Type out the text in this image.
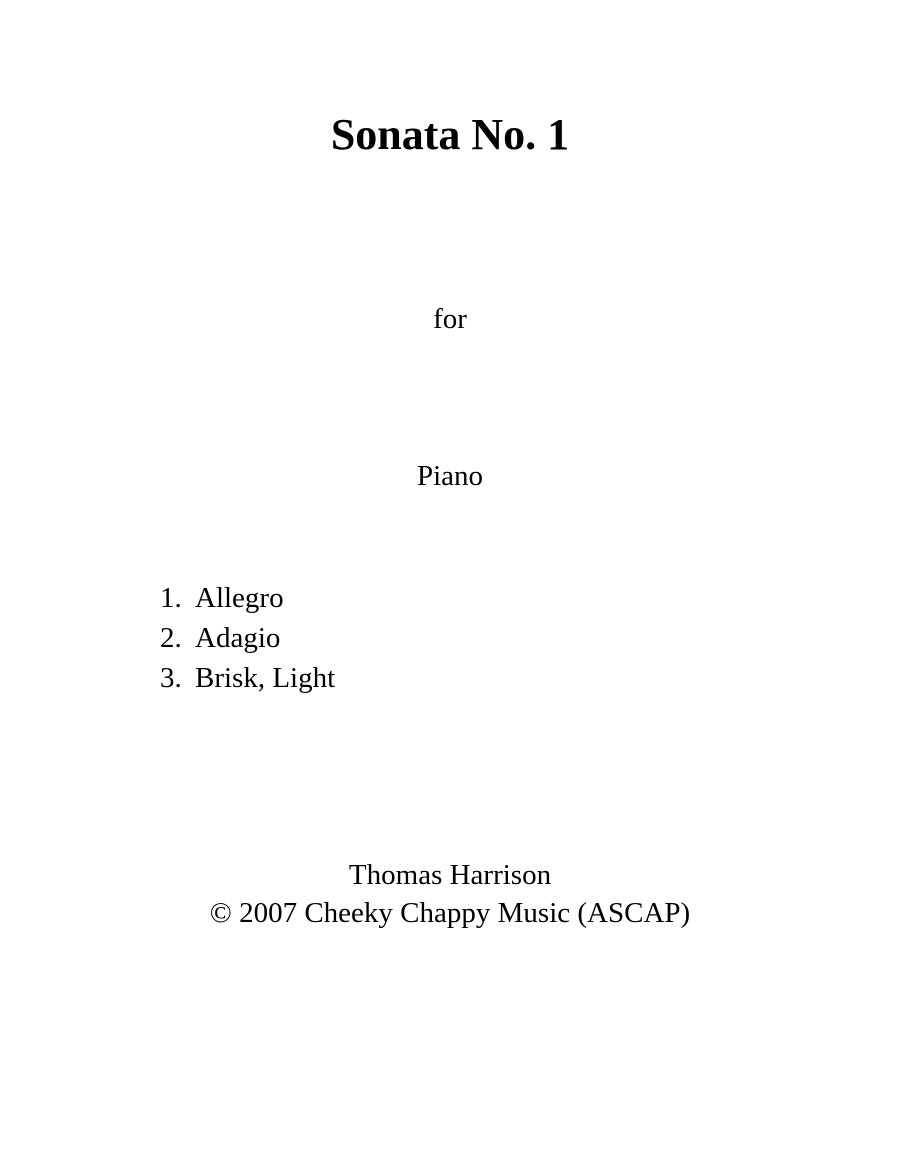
Sonata No. 1
for
Piano
1. Allegro
2. Adagio
3. Brisk, Light
Thomas Harrison
© 2007 Cheeky Chappy Music (ASCAP)
